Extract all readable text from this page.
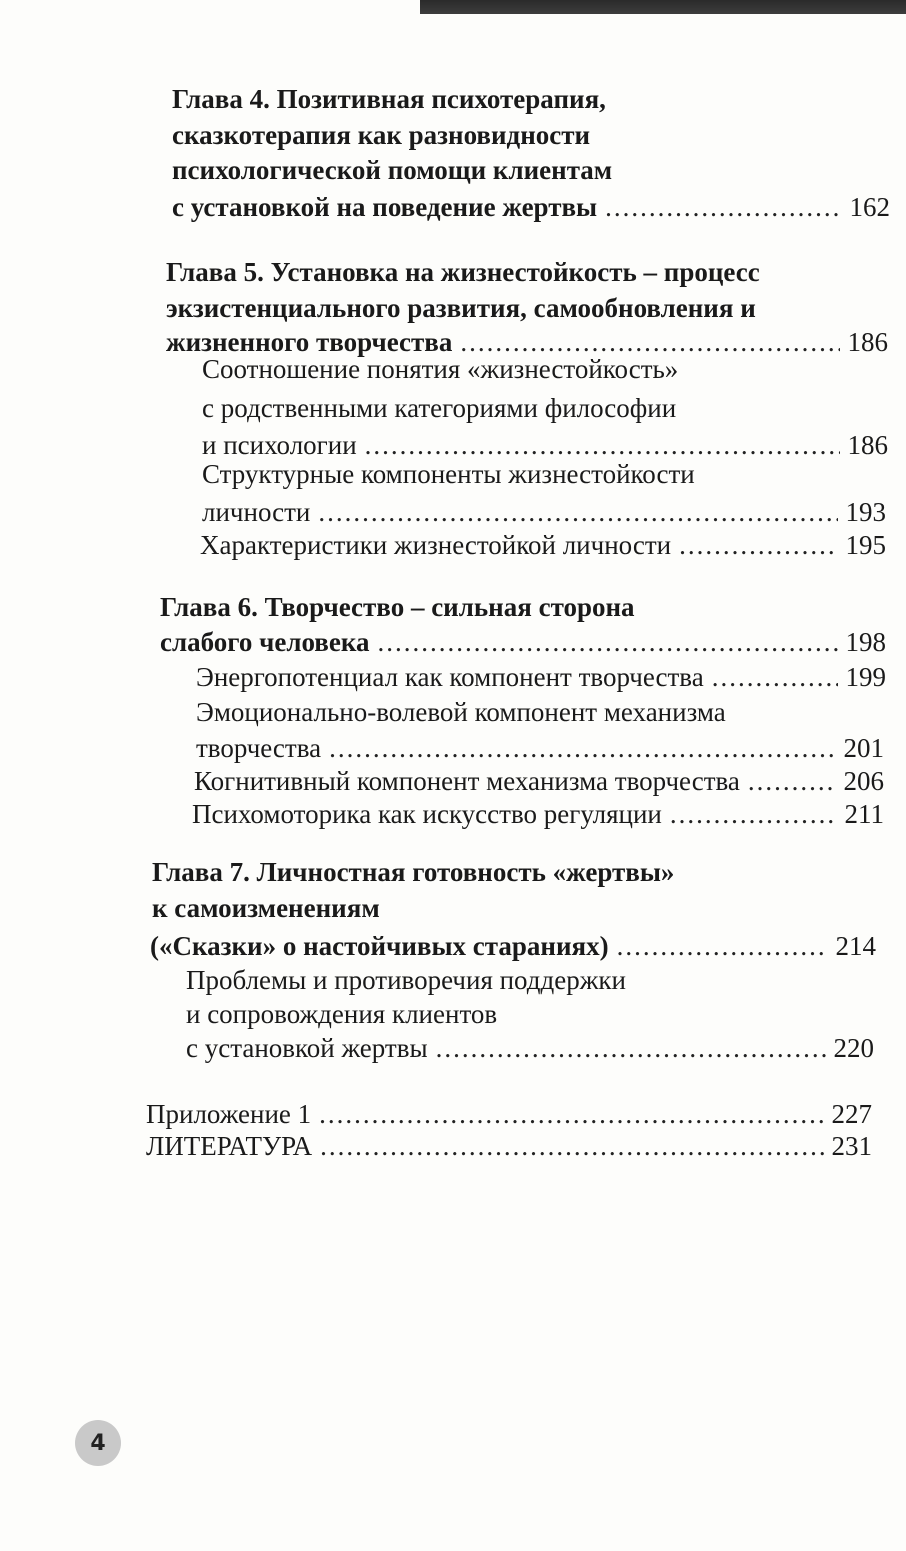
Глава 4. Позитивная психотерапия,
сказкотерапия как разновидности
психологической помощи клиентам
с установкой на поведение жертвы .....	162
Глава 5. Установка на жизнестойкость – процесс
экзистенциального развития, самообновления и
жизненного творчества .....	186
Соотношение понятия «жизнестойкость»
с родственными категориями философии
и психологии .....	186
Структурные компоненты жизнестойкости
личности .....	193
Характеристики жизнестойкой личности .....	195
Глава 6. Творчество – сильная сторона
слабого человека .....	198
Энергопотенциал как компонент творчества .....	199
Эмоционально-волевой компонент механизма
творчества .....	201
Когнитивный компонент механизма творчества .....	206
Психомоторика как искусство регуляции .....	211
Глава 7. Личностная готовность «жертвы»
к самоизменениям
(«Сказки» о настойчивых стараниях) .....	214
Проблемы и противоречия поддержки
и сопровождения клиентов
с установкой жертвы .....	220
Приложение 1 .....	227
ЛИТЕРАТУРА .....	231
4
